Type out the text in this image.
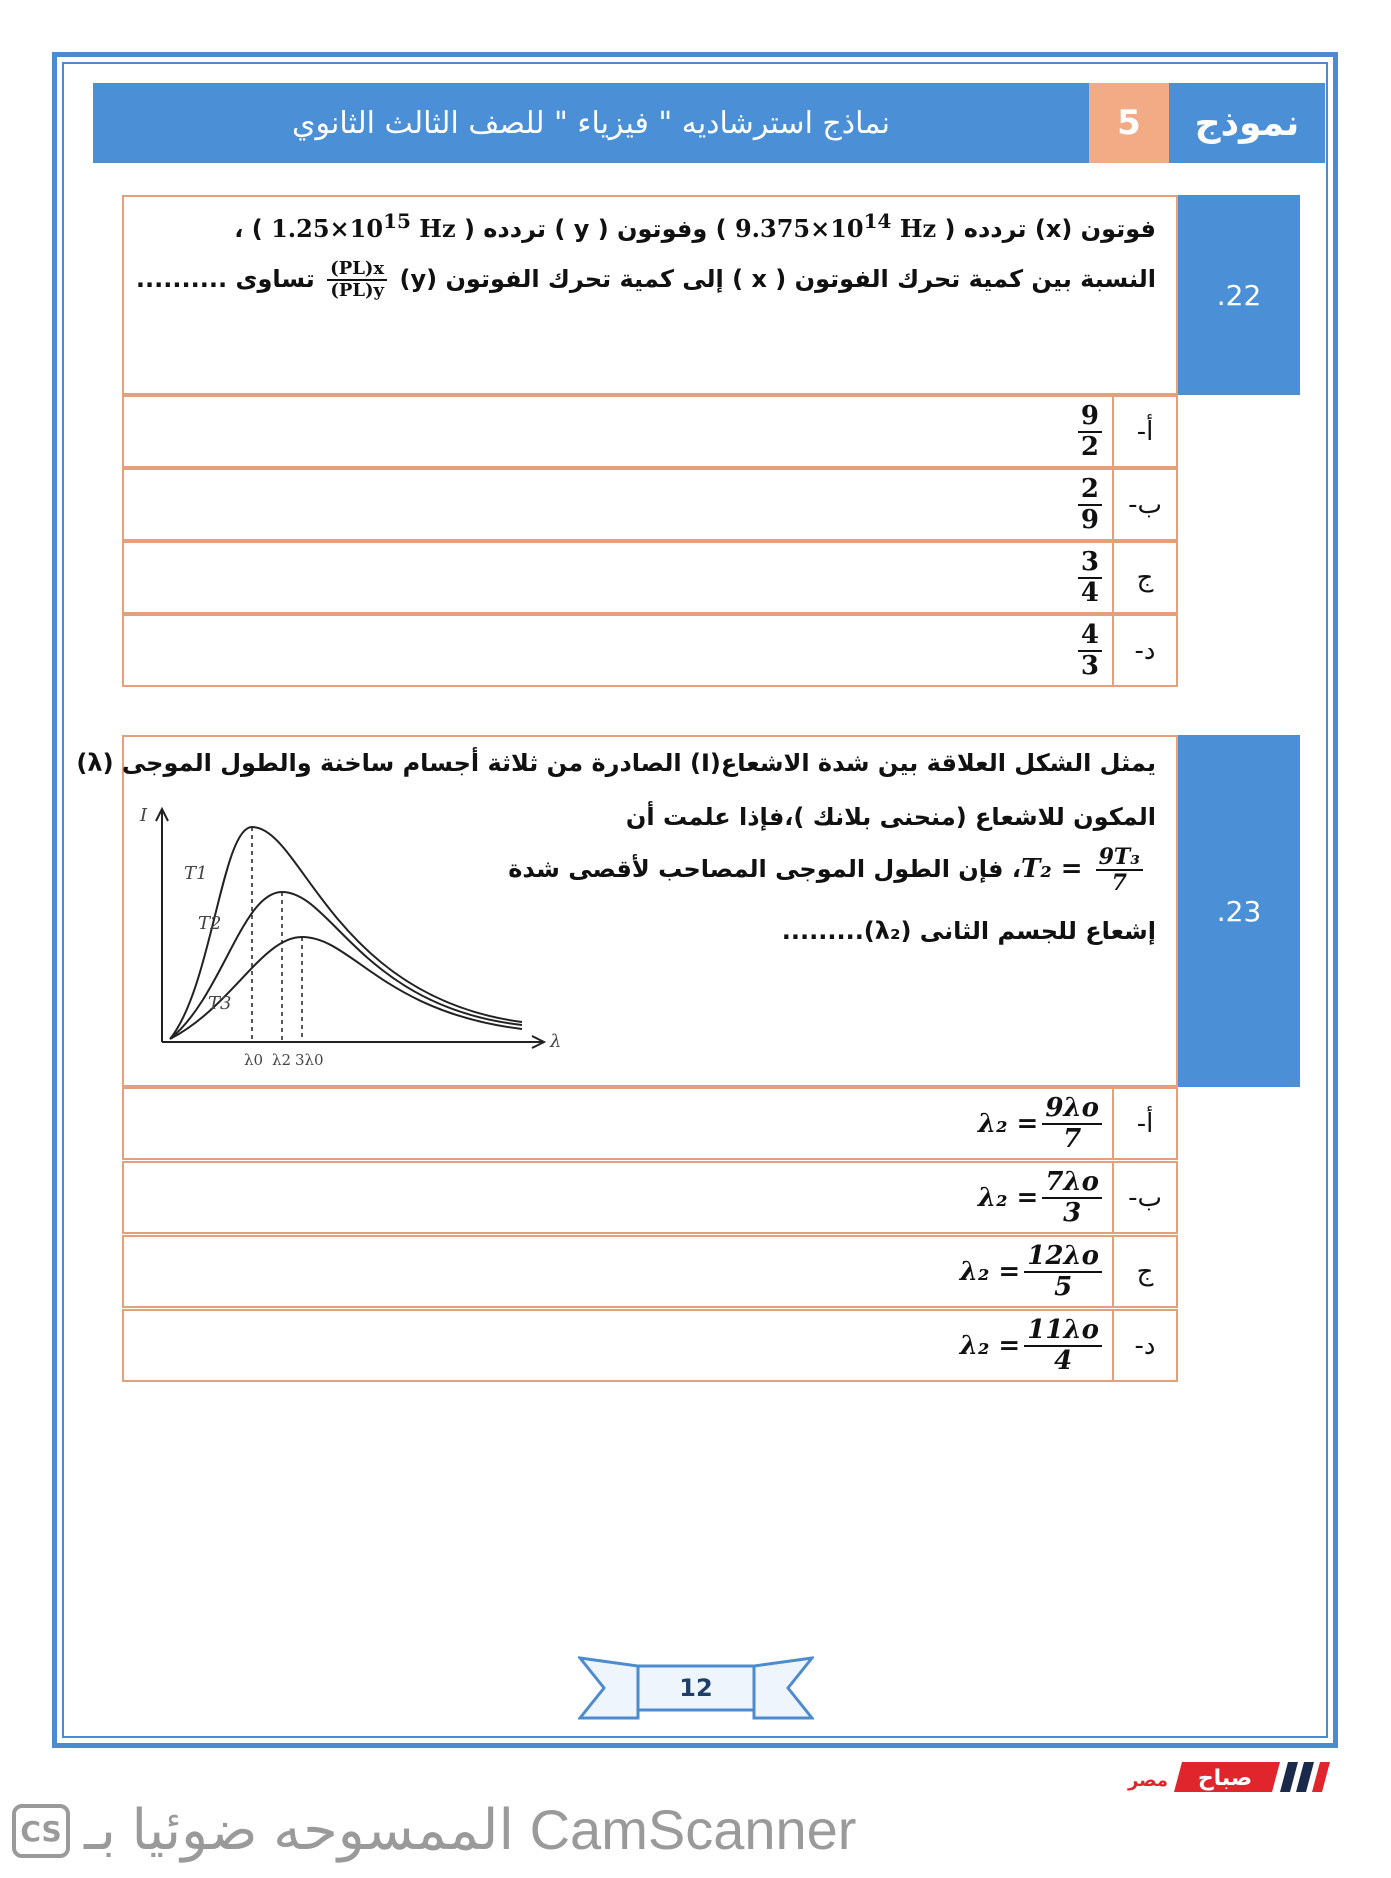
نماذج استرشاديه " فيزياء " للصف الثالث الثانوي	5	نموذج
فوتون (x) تردده ( $9.375\times 10^{14}$ Hz ) وفوتون ( y ) تردده ( $1.25\times 10^{15}$ Hz ) ،
النسبة بين كمية تحرك الفوتون ( x ) إلى كمية تحرك الفوتون (y)
$\frac{(PL)x}{(PL)y}$
تساوى ..........	.22
أ-
$\frac{9}{2}$
ب-
$\frac{2}{9}$
ج
$\frac{3}{4}$
د-
$\frac{4}{3}$
يمثل الشكل العلاقة بين شدة الاشعاع(I) الصادرة من ثلاثة أجسام ساخنة والطول الموجى (λ)
المكون للاشعاع (منحنى بلانك )،فإذا علمت أن
$T_2 = \frac{\text{9T₃}}{7}$
، فإن الطول الموجى المصاحب لأقصى شدة
إشعاع للجسم الثانى (λ₂).........
I
λ
T1
T2
T3
λ0 λ2 3λ0
.23
أ-
$\lambda_2 = \frac{9\lambda o}{7}$
ب-
$\lambda_2 = \frac{7\lambda o}{3}$
ج
$\lambda_2 = \frac{12\lambda o}{5}$
د-
$\lambda_2 = \frac{11\lambda o}{4}$
12
صباح
مصر
CS الممسوحه ضوئيا بـ CamScanner
